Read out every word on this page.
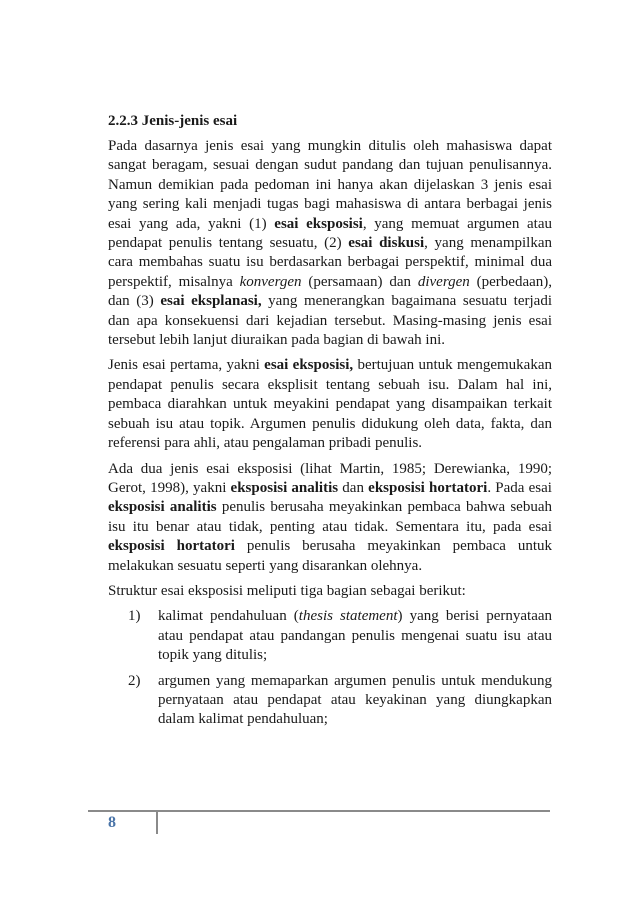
2.2.3 Jenis-jenis esai

Pada dasarnya jenis esai yang mungkin ditulis oleh mahasiswa dapat sangat beragam, sesuai dengan sudut pandang dan tujuan penulisannya. Namun demikian pada pedoman ini hanya akan dijelaskan 3 jenis esai yang sering kali menjadi tugas bagi mahasiswa di antara berbagai jenis esai yang ada, yakni (1) esai eksposisi, yang memuat argumen atau pendapat penulis tentang sesuatu, (2) esai diskusi, yang menampilkan cara membahas suatu isu berdasarkan berbagai perspektif, minimal dua perspektif, misalnya konvergen (persamaan) dan divergen (perbedaan), dan (3) esai eksplanasi, yang menerangkan bagaimana sesuatu terjadi dan apa konsekuensi dari kejadian tersebut. Masing-masing jenis esai tersebut lebih lanjut diuraikan pada bagian di bawah ini.

Jenis esai pertama, yakni esai eksposisi, bertujuan untuk mengemukakan pendapat penulis secara eksplisit tentang sebuah isu. Dalam hal ini, pembaca diarahkan untuk meyakini pendapat yang disampaikan terkait sebuah isu atau topik. Argumen penulis didukung oleh data, fakta, dan referensi para ahli, atau pengalaman pribadi penulis.

Ada dua jenis esai eksposisi (lihat Martin, 1985; Derewianka, 1990; Gerot, 1998), yakni eksposisi analitis dan eksposisi hortatori. Pada esai eksposisi analitis penulis berusaha meyakinkan pembaca bahwa sebuah isu itu benar atau tidak, penting atau tidak. Sementara itu, pada esai eksposisi hortatori penulis berusaha meyakinkan pembaca untuk melakukan sesuatu seperti yang disarankan olehnya.

Struktur esai eksposisi meliputi tiga bagian sebagai berikut:

1) kalimat pendahuluan (thesis statement) yang berisi pernyataan atau pendapat atau pandangan penulis mengenai suatu isu atau topik yang ditulis;
2) argumen yang memaparkan argumen penulis untuk mendukung pernyataan atau pendapat atau keyakinan yang diungkapkan dalam kalimat pendahuluan;
8
